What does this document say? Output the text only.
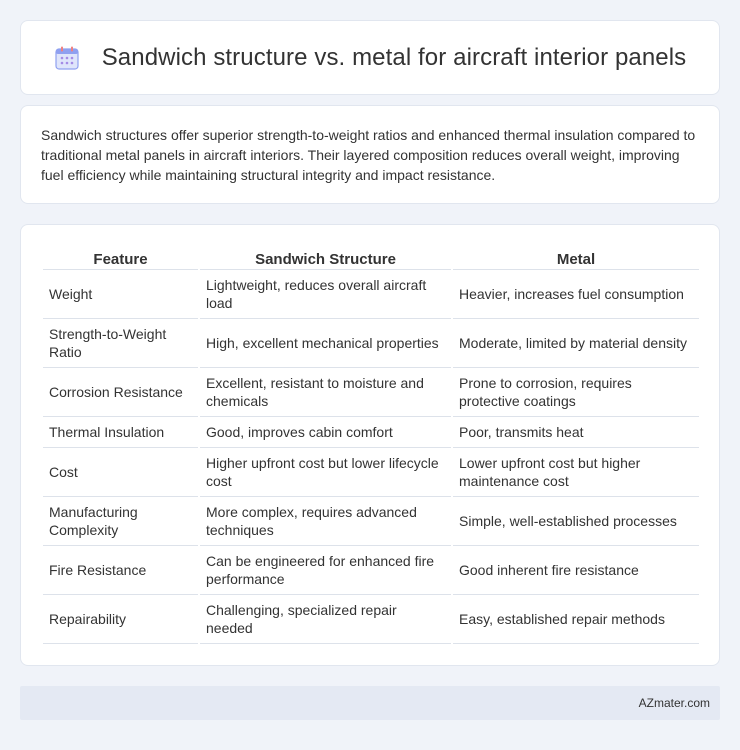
Sandwich structure vs. metal for aircraft interior panels

Sandwich structures offer superior strength-to-weight ratios and enhanced thermal insulation compared to traditional metal panels in aircraft interiors. Their layered composition reduces overall weight, improving fuel efficiency while maintaining structural integrity and impact resistance.

Feature	Sandwich Structure	Metal
Weight	Lightweight, reduces overall aircraft load	Heavier, increases fuel consumption
Strength-to-Weight Ratio	High, excellent mechanical properties	Moderate, limited by material density
Corrosion Resistance	Excellent, resistant to moisture and chemicals	Prone to corrosion, requires protective coatings
Thermal Insulation	Good, improves cabin comfort	Poor, transmits heat
Cost	Higher upfront cost but lower lifecycle cost	Lower upfront cost but higher maintenance cost
Manufacturing Complexity	More complex, requires advanced techniques	Simple, well-established processes
Fire Resistance	Can be engineered for enhanced fire performance	Good inherent fire resistance
Repairability	Challenging, specialized repair needed	Easy, established repair methods
AZmater.com
